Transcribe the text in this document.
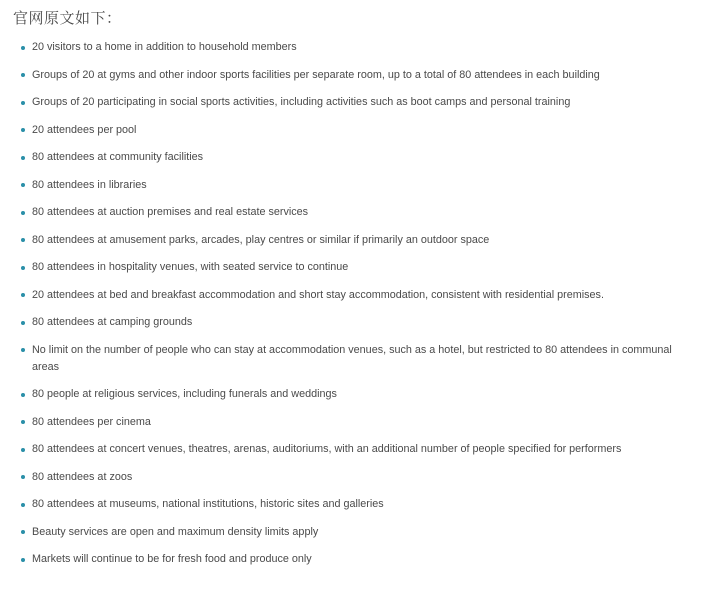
官网原文如下：
20 visitors to a home in addition to household members
Groups of 20 at gyms and other indoor sports facilities per separate room, up to a total of 80 attendees in each building
Groups of 20 participating in social sports activities, including activities such as boot camps and personal training
20 attendees per pool
80 attendees at community facilities
80 attendees in libraries
80 attendees at auction premises and real estate services
80 attendees at amusement parks, arcades, play centres or similar if primarily an outdoor space
80 attendees in hospitality venues, with seated service to continue
20 attendees at bed and breakfast accommodation and short stay accommodation, consistent with residential premises.
80 attendees at camping grounds
No limit on the number of people who can stay at accommodation venues, such as a hotel, but restricted to 80 attendees in communal areas
80 people at religious services, including funerals and weddings
80 attendees per cinema
80 attendees at concert venues, theatres, arenas, auditoriums, with an additional number of people specified for performers
80 attendees at zoos
80 attendees at museums, national institutions, historic sites and galleries
Beauty services are open and maximum density limits apply
Markets will continue to be for fresh food and produce only
